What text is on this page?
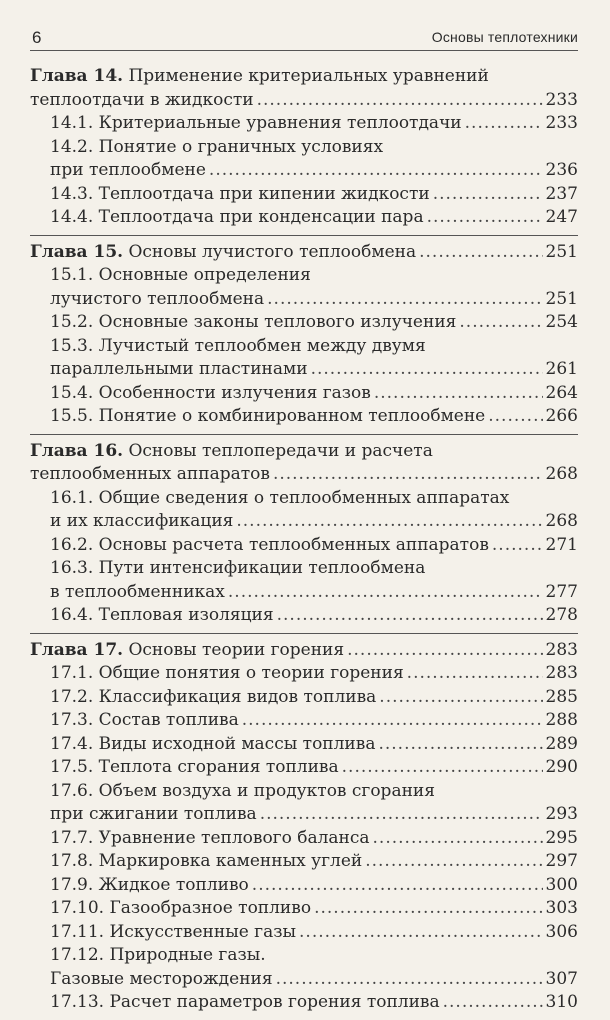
6	Основы теплотехники
Глава 14. Применение критериальных уравнений
теплоотдачи в жидкости .....	233
14.1. Критериальные уравнения теплоотдачи .....	233
14.2. Понятие о граничных условиях
при теплообмене .....	236
14.3. Теплоотдача при кипении жидкости .....	237
14.4. Теплоотдача при конденсации пара .....	247
Глава 15. Основы лучистого теплообмена .....	251
15.1. Основные определения
лучистого теплообмена .....	251
15.2. Основные законы теплового излучения .....	254
15.3. Лучистый теплообмен между двумя
параллельными пластинами .....	261
15.4. Особенности излучения газов .....	264
15.5. Понятие о комбинированном теплообмене .....	266
Глава 16. Основы теплопередачи и расчета
теплообменных аппаратов .....	268
16.1. Общие сведения о теплообменных аппаратах
и их классификация .....	268
16.2. Основы расчета теплообменных аппаратов .....	271
16.3. Пути интенсификации теплообмена
в теплообменниках .....	277
16.4. Тепловая изоляция .....	278
Глава 17. Основы теории горения .....	283
17.1. Общие понятия о теории горения .....	283
17.2. Классификация видов топлива .....	285
17.3. Состав топлива .....	288
17.4. Виды исходной массы топлива .....	289
17.5. Теплота сгорания топлива .....	290
17.6. Объем воздуха и продуктов сгорания
при сжигании топлива .....	293
17.7. Уравнение теплового баланса .....	295
17.8. Маркировка каменных углей .....	297
17.9. Жидкое топливо .....	300
17.10. Газообразное топливо .....	303
17.11. Искусственные газы .....	306
17.12. Природные газы.
Газовые месторождения .....	307
17.13. Расчет параметров горения топлива .....	310
